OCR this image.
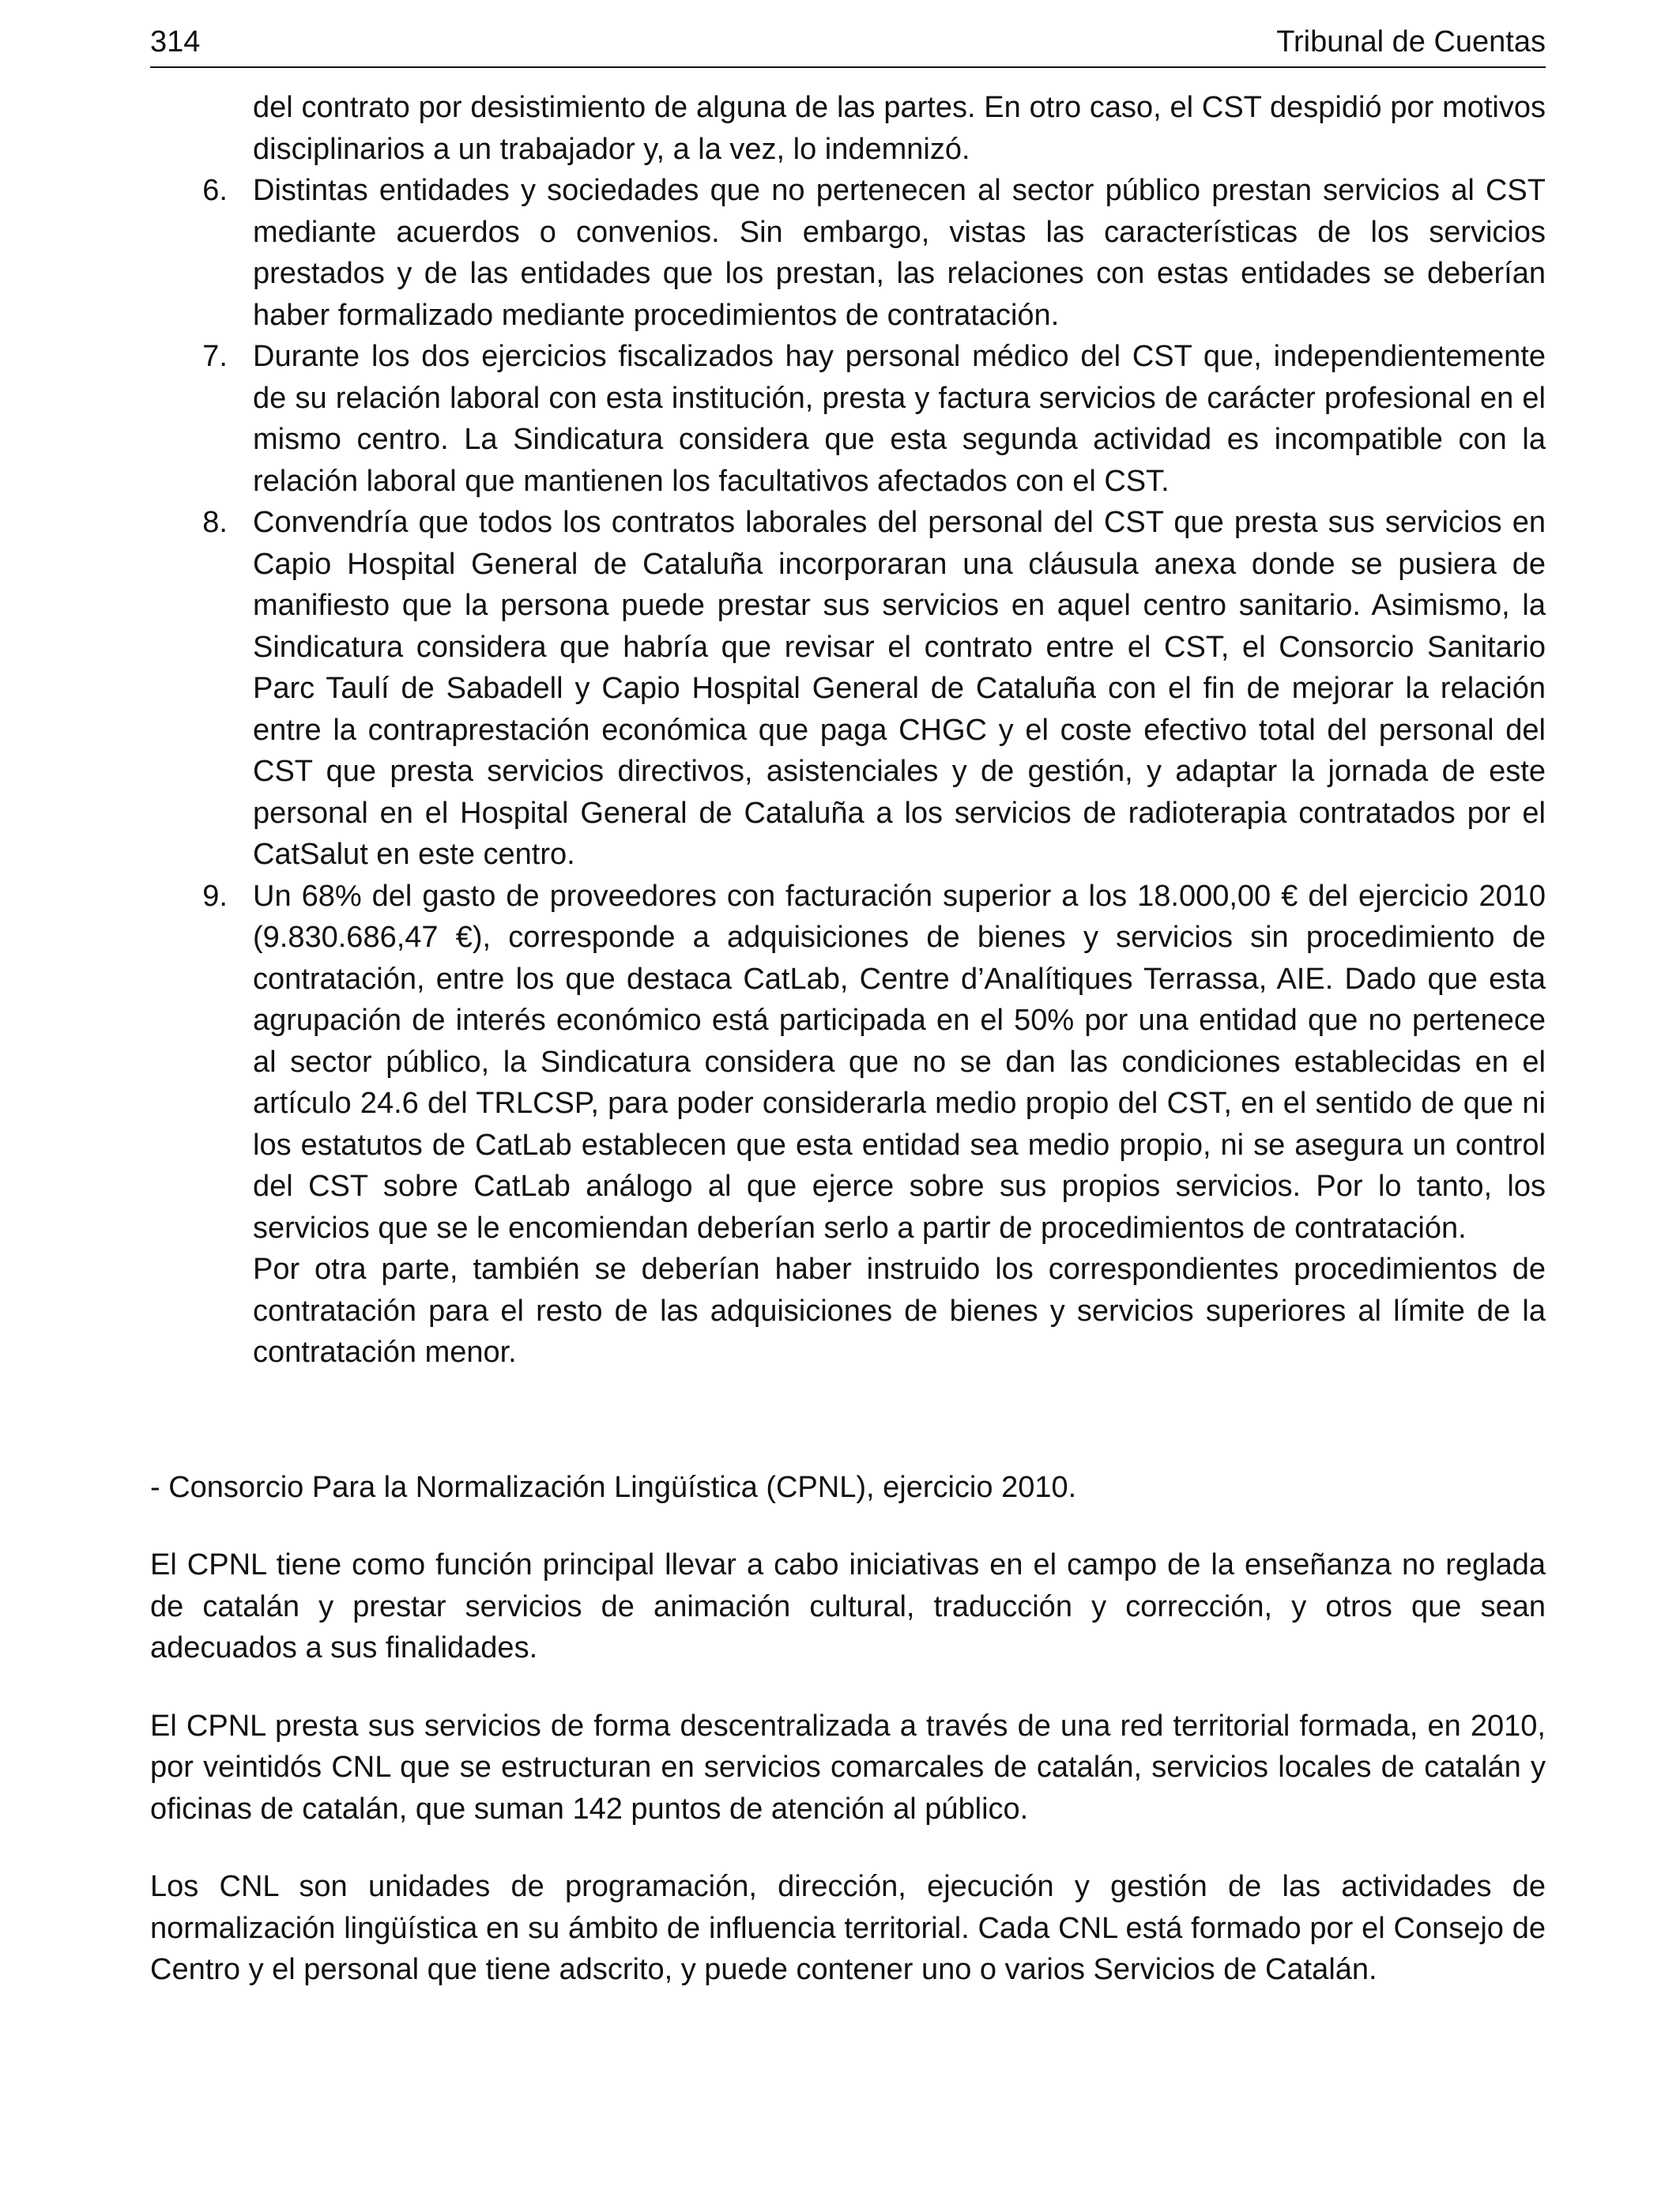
314	Tribunal de Cuentas

del contrato por desistimiento de alguna de las partes. En otro caso, el CST despidió por motivos disciplinarios a un trabajador y, a la vez, lo indemnizó.

6. Distintas entidades y sociedades que no pertenecen al sector público prestan servicios al CST mediante acuerdos o convenios. Sin embargo, vistas las características de los servicios prestados y de las entidades que los prestan, las relaciones con estas entidades se deberían haber formalizado mediante procedimientos de contratación.

7. Durante los dos ejercicios fiscalizados hay personal médico del CST que, independientemente de su relación laboral con esta institución, presta y factura servicios de carácter profesional en el mismo centro. La Sindicatura considera que esta segunda actividad es incompatible con la relación laboral que mantienen los facultativos afectados con el CST.

8. Convendría que todos los contratos laborales del personal del CST que presta sus servicios en Capio Hospital General de Cataluña incorporaran una cláusula anexa donde se pusiera de manifiesto que la persona puede prestar sus servicios en aquel centro sanitario. Asimismo, la Sindicatura considera que habría que revisar el contrato entre el CST, el Consorcio Sanitario Parc Taulí de Sabadell y Capio Hospital General de Cataluña con el fin de mejorar la relación entre la contraprestación económica que paga CHGC y el coste efectivo total del personal del CST que presta servicios directivos, asistenciales y de gestión, y adaptar la jornada de este personal en el Hospital General de Cataluña a los servicios de radioterapia contratados por el CatSalut en este centro.

9. Un 68% del gasto de proveedores con facturación superior a los 18.000,00 € del ejercicio 2010 (9.830.686,47 €), corresponde a adquisiciones de bienes y servicios sin procedimiento de contratación, entre los que destaca CatLab, Centre d’Analítiques Terrassa, AIE. Dado que esta agrupación de interés económico está participada en el 50% por una entidad que no pertenece al sector público, la Sindicatura considera que no se dan las condiciones establecidas en el artículo 24.6 del TRLCSP, para poder considerarla medio propio del CST, en el sentido de que ni los estatutos de CatLab establecen que esta entidad sea medio propio, ni se asegura un control del CST sobre CatLab análogo al que ejerce sobre sus propios servicios. Por lo tanto, los servicios que se le encomiendan deberían serlo a partir de procedimientos de contratación.

Por otra parte, también se deberían haber instruido los correspondientes procedimientos de contratación para el resto de las adquisiciones de bienes y servicios superiores al límite de la contratación menor.

- Consorcio Para la Normalización Lingüística (CPNL), ejercicio 2010.

El CPNL tiene como función principal llevar a cabo iniciativas en el campo de la enseñanza no reglada de catalán y prestar servicios de animación cultural, traducción y corrección, y otros que sean adecuados a sus finalidades.

El CPNL presta sus servicios de forma descentralizada a través de una red territorial formada, en 2010, por veintidós CNL que se estructuran en servicios comarcales de catalán, servicios locales de catalán y oficinas de catalán, que suman 142 puntos de atención al público.

Los CNL son unidades de programación, dirección, ejecución y gestión de las actividades de normalización lingüística en su ámbito de influencia territorial. Cada CNL está formado por el Consejo de Centro y el personal que tiene adscrito, y puede contener uno o varios Servicios de Catalán.
